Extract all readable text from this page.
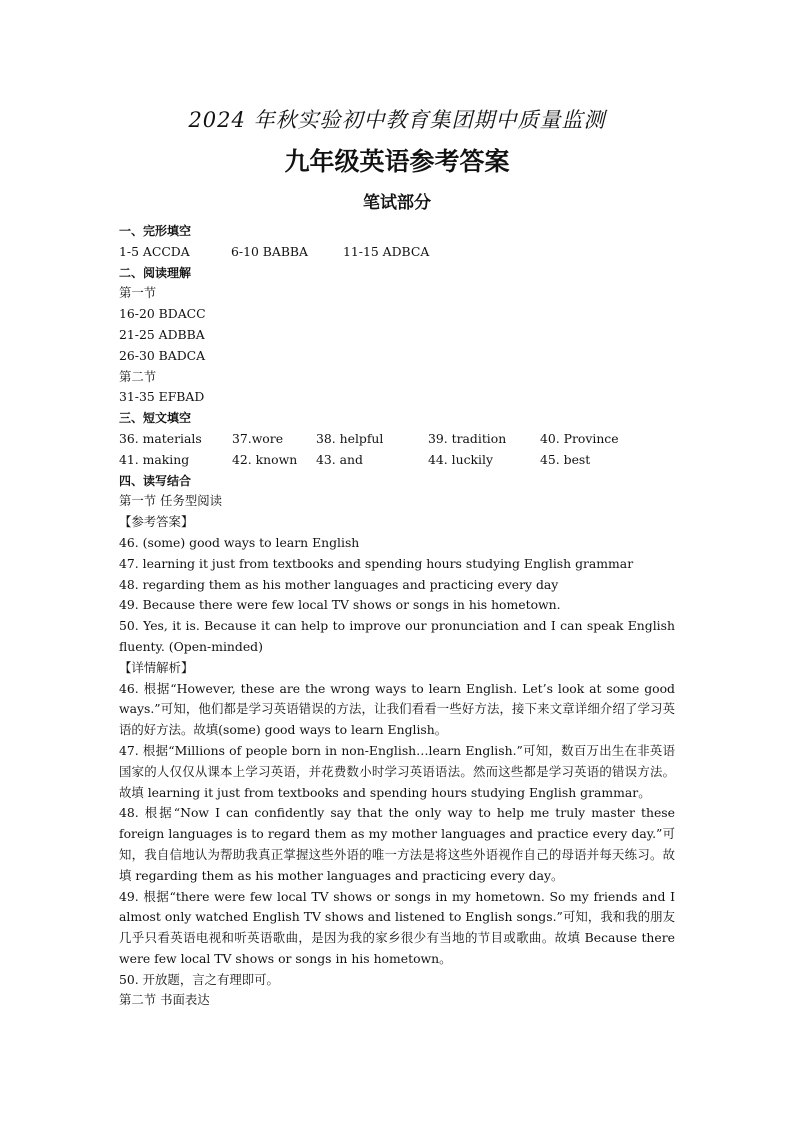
2024 年秋实验初中教育集团期中质量监测
九年级英语参考答案
笔试部分
一、完形填空
1-5 ACCDA	6-10 BABBA	11-15 ADBCA
二、阅读理解
第一节
16-20 BDACC
21-25 ADBBA
26-30 BADCA
第二节
31-35 EFBAD
三、短文填空
36. materials 37.wore	38. helpful	39. tradition	40. Province
41. making	42. known 43. and	44. luckily	45. best
四、读写结合
第一节 任务型阅读
【参考答案】
46. (some) good ways to learn English
47. learning it just from textbooks and spending hours studying English grammar
48. regarding them as his mother languages and practicing every day
49. Because there were few local TV shows or songs in his hometown.
50. Yes, it is. Because it can help to improve our pronunciation and I can speak English fluenty. (Open-minded)
【详情解析】
46. 根据“However, these are the wrong ways to learn English. Let’s look at some good ways.”可知，他们都是学习英语错误的方法，让我们看看一些好方法，接下来文章详细介绍了学习英语的好方法。故填(some) good ways to learn English。
47. 根据“Millions of people born in non-English…learn English.”可知，数百万出生在非英语国家的人仅仅从课本上学习英语，并花费数小时学习英语语法。然而这些都是学习英语的错误方法。故填 learning it just from textbooks and spending hours studying English grammar。
48. 根据“Now I can confidently say that the only way to help me truly master these foreign languages is to regard them as my mother languages and practice every day.”可知，我自信地认为帮助我真正掌握这些外语的唯一方法是将这些外语视作自己的母语并每天练习。故填 regarding them as his mother languages and practicing every day。
49. 根据“there were few local TV shows or songs in my hometown. So my friends and I almost only watched English TV shows and listened to English songs.”可知，我和我的朋友几乎只看英语电视和听英语歌曲，是因为我的家乡很少有当地的节目或歌曲。故填 Because there were few local TV shows or songs in his hometown。
50. 开放题，言之有理即可。
第二节 书面表达
